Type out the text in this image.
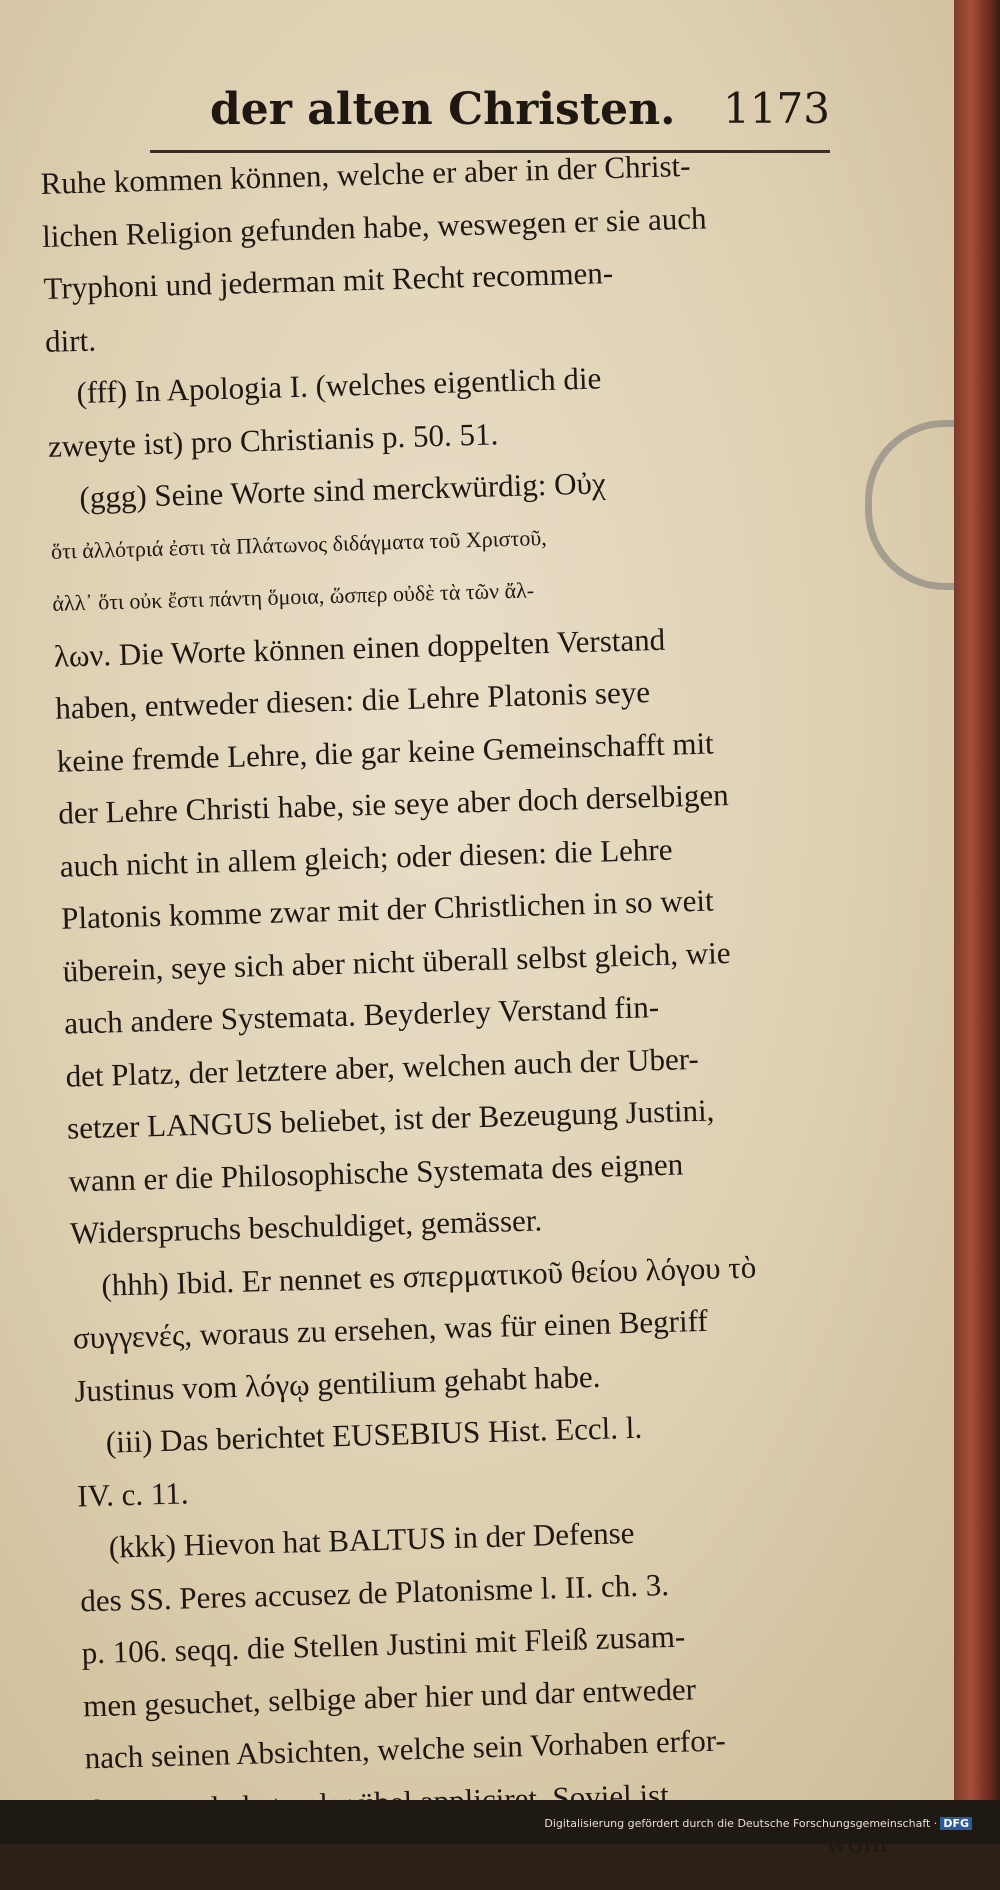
der alten Christen. 1173
Ruhe kommen können, welche er aber in der Christ-
lichen Religion gefunden habe, weswegen er sie auch
Tryphoni und jederman mit Recht recommen-
dirt.
(fff) In Apologia I. (welches eigentlich die
zweyte ist) pro Christianis p. 50. 51.
(ggg) Seine Worte sind merckwürdig: Οὐχ
ὅτι ἀλλότριά ἐστι τὰ Πλάτωνος διδάγματα τοῦ Χριστοῦ,
ἀλλ᾽ ὅτι οὐκ ἔστι πάντη ὅμοια, ὥσπερ οὐδὲ τὰ τῶν ἄλ-
λων. Die Worte können einen doppelten Verstand
haben, entweder diesen: die Lehre Platonis seye
keine fremde Lehre, die gar keine Gemeinschafft mit
der Lehre Christi habe, sie seye aber doch derselbigen
auch nicht in allem gleich; oder diesen: die Lehre
Platonis komme zwar mit der Christlichen in so weit
überein, seye sich aber nicht überall selbst gleich, wie
auch andere Systemata. Beyderley Verstand fin-
det Platz, der letztere aber, welchen auch der Uber-
setzer LANGUS beliebet, ist der Bezeugung Justini,
wann er die Philosophische Systemata des eignen
Widerspruchs beschuldiget, gemässer.
(hhh) Ibid. Er nennet es σπερματικοῦ θείου λόγου τὸ
συγγενές, woraus zu ersehen, was für einen Begriff
Justinus vom λόγῳ gentilium gehabt habe.
(iii) Das berichtet EUSEBIUS Hist. Eccl. l.
IV. c. 11.
(kkk) Hievon hat BALTUS in der Defense
des SS. Peres accusez de Platonisme l. II. ch. 3.
p. 106. seqq. die Stellen Justini mit Fleiß zusam-
men gesuchet, selbige aber hier und dar entweder
nach seinen Absichten, welche sein Vorhaben erfor-
Digitalisierung gefördert durch die Deutsche Forschungsgemeinschaft · DFG
